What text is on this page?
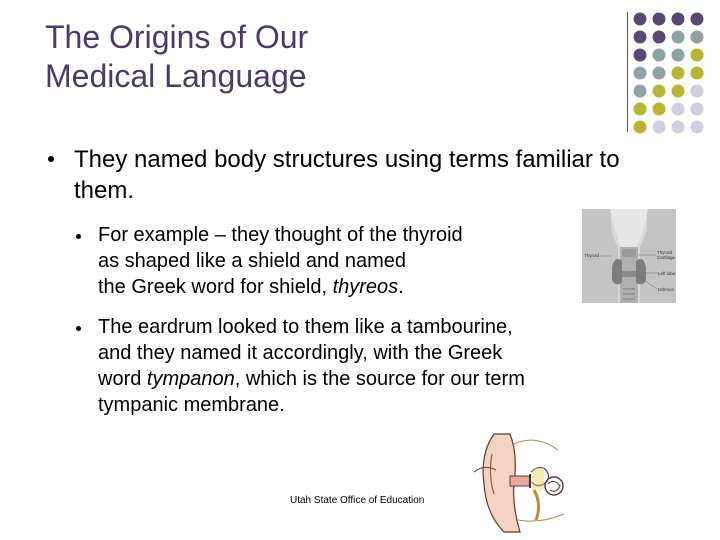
The Origins of Our
Medical Language
They named body structures using terms familiar to them.
For example – they thought of the thyroid
as shaped like a shield and named
the Greek word for shield, thyreos.
The eardrum looked to them like a tambourine,
and they named it accordingly, with the Greek
word tympanon, which is the source for our term
tympanic membrane.
Thyroid
Thyroid
Cartilage
Left lobe
Isthmus
Utah State Office of Education
